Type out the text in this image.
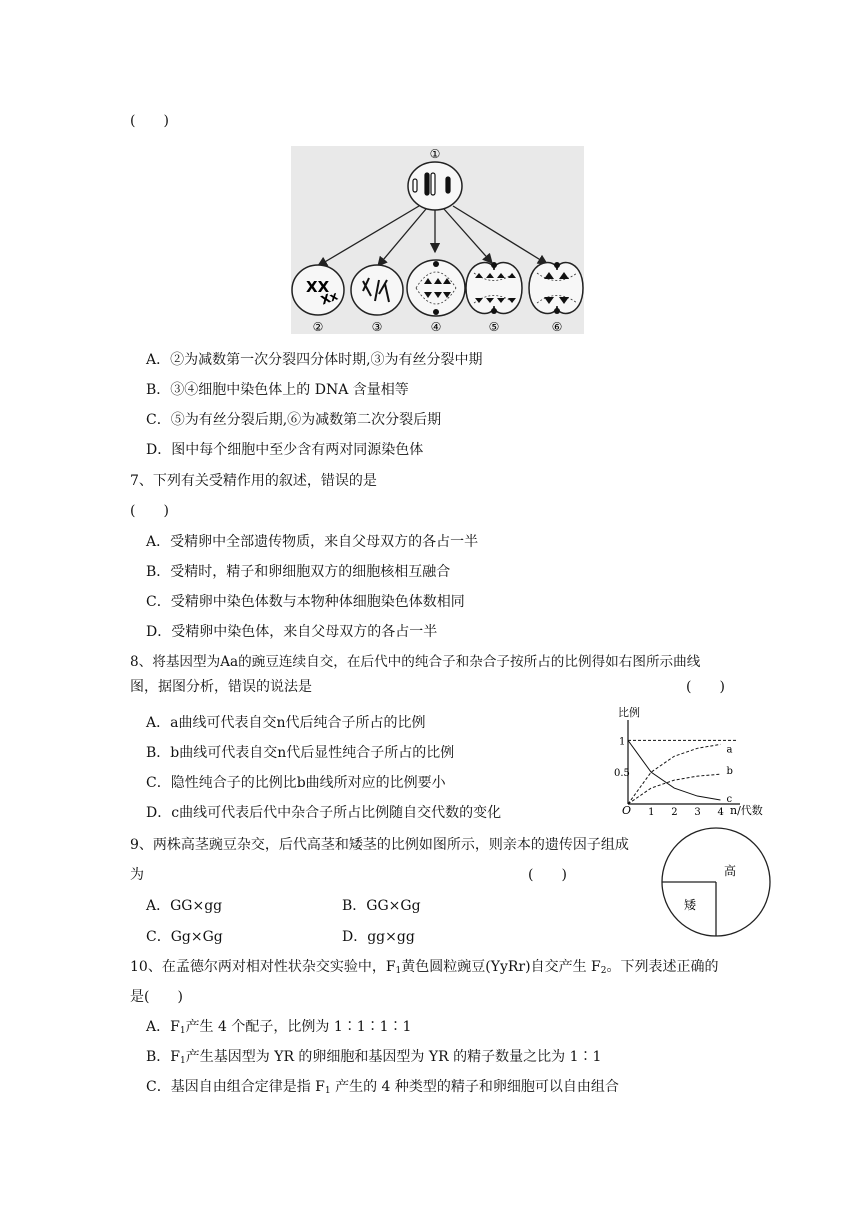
(　　)
①
XX
Xx
②	③	④	⑤	⑥
A．②为减数第一次分裂四分体时期,③为有丝分裂中期
B．③④细胞中染色体上的 DNA 含量相等
C．⑤为有丝分裂后期,⑥为减数第二次分裂后期
D．图中每个细胞中至少含有两对同源染色体
7、下列有关受精作用的叙述，错误的是
(　　)
A．受精卵中全部遗传物质，来自父母双方的各占一半
B．受精时，精子和卵细胞双方的细胞核相互融合
C．受精卵中染色体数与本物种体细胞染色体数相同
D．受精卵中染色体，来自父母双方的各占一半
8、将基因型为Aa的豌豆连续自交，在后代中的纯合子和杂合子按所占的比例得如右图所示曲线
图，据图分析，错误的说法是	(　　)
A．a曲线可代表自交n代后纯合子所占的比例
B．b曲线可代表自交n代后显性纯合子所占的比例
C．隐性纯合子的比例比b曲线所对应的比例要小
D．c曲线可代表后代中杂合子所占比例随自交代数的变化
比例
n/代数
O 1 2 3 4
1
0.5
a
b
c
9、两株高茎豌豆杂交，后代高茎和矮茎的比例如图所示，则亲本的遗传因子组成
为	(　　)
A．GG×gg	B．GG×Gg
C．Gg×Gg	D．gg×gg
高
矮
10、在孟德尔两对相对性状杂交实验中，$F_1$黄色圆粒豌豆(YyRr)自交产生 $F_2$。下列表述正确的
是(　　)
A．$F_1$产生 4 个配子，比例为 1∶1∶1∶1
B．$F_1$产生基因型为 YR 的卵细胞和基因型为 YR 的精子数量之比为 1∶1
C．基因自由组合定律是指 $F_1$ 产生的 4 种类型的精子和卵细胞可以自由组合
